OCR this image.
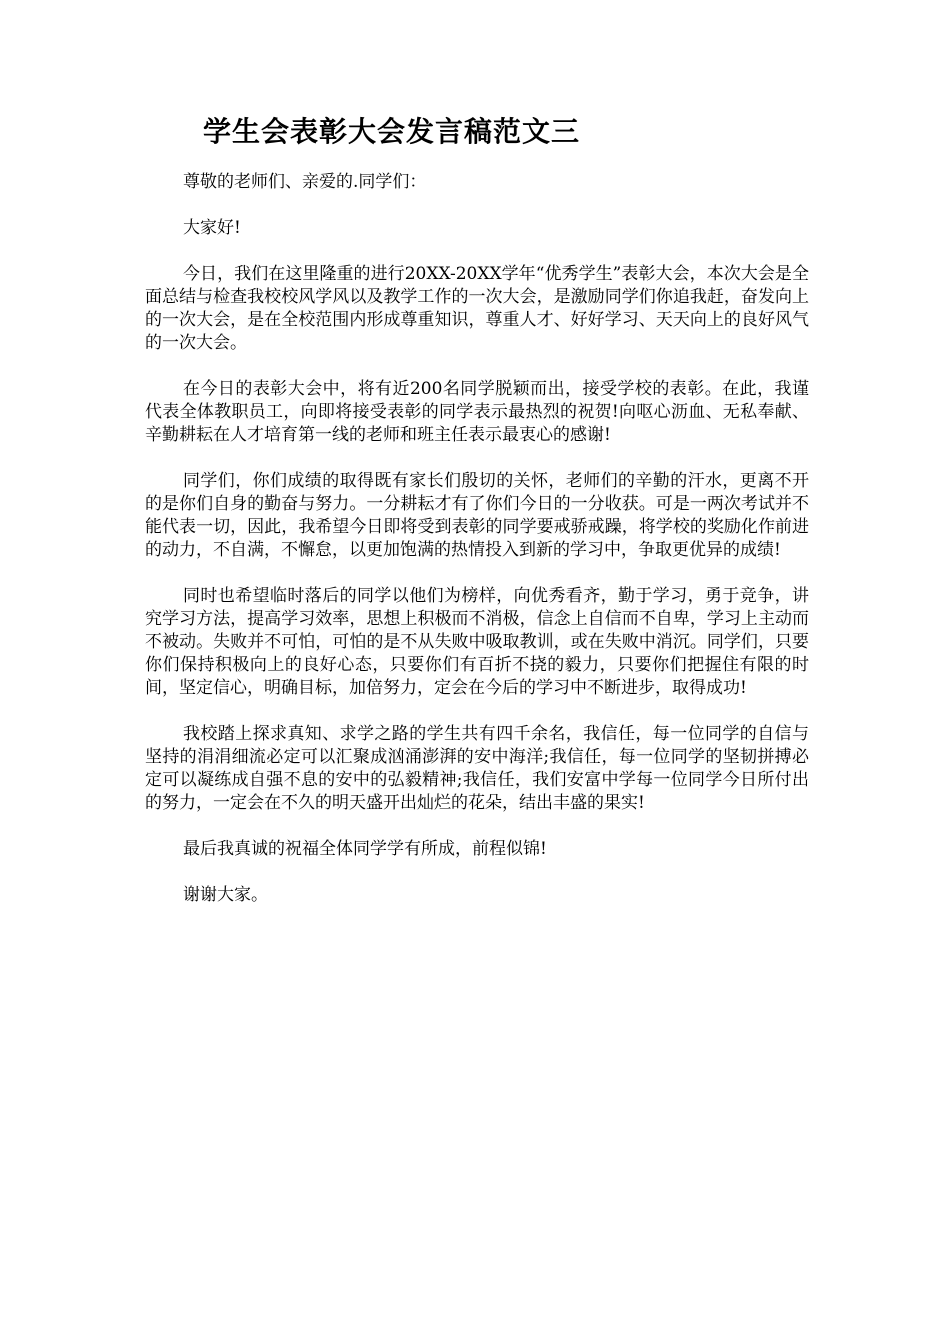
学生会表彰大会发言稿范文三

尊敬的老师们、亲爱的.同学们：

大家好!

今日，我们在这里隆重的进行20XX-20XX学年“优秀学生”表彰大会，本次大会是全面总结与检查我校校风学风以及教学工作的一次大会，是激励同学们你追我赶，奋发向上的一次大会，是在全校范围内形成尊重知识，尊重人才、好好学习、天天向上的良好风气的一次大会。

在今日的表彰大会中，将有近200名同学脱颖而出，接受学校的表彰。在此，我谨代表全体教职员工，向即将接受表彰的同学表示最热烈的祝贺!向呕心沥血、无私奉献、辛勤耕耘在人才培育第一线的老师和班主任表示最衷心的感谢!

同学们，你们成绩的取得既有家长们殷切的关怀，老师们的辛勤的汗水，更离不开的是你们自身的勤奋与努力。一分耕耘才有了你们今日的一分收获。可是一两次考试并不能代表一切，因此，我希望今日即将受到表彰的同学要戒骄戒躁，将学校的奖励化作前进的动力，不自满，不懈怠，以更加饱满的热情投入到新的学习中，争取更优异的成绩!

同时也希望临时落后的同学以他们为榜样，向优秀看齐，勤于学习，勇于竞争，讲究学习方法，提高学习效率，思想上积极而不消极，信念上自信而不自卑，学习上主动而不被动。失败并不可怕，可怕的是不从失败中吸取教训，或在失败中消沉。同学们，只要你们保持积极向上的良好心态，只要你们有百折不挠的毅力，只要你们把握住有限的时间，坚定信心，明确目标，加倍努力，定会在今后的学习中不断进步，取得成功!

我校踏上探求真知、求学之路的学生共有四千余名，我信任，每一位同学的自信与坚持的涓涓细流必定可以汇聚成汹涌澎湃的安中海洋;我信任，每一位同学的坚韧拼搏必定可以凝练成自强不息的安中的弘毅精神;我信任，我们安富中学每一位同学今日所付出的努力，一定会在不久的明天盛开出灿烂的花朵，结出丰盛的果实!

最后我真诚的祝福全体同学学有所成，前程似锦!

谢谢大家。
